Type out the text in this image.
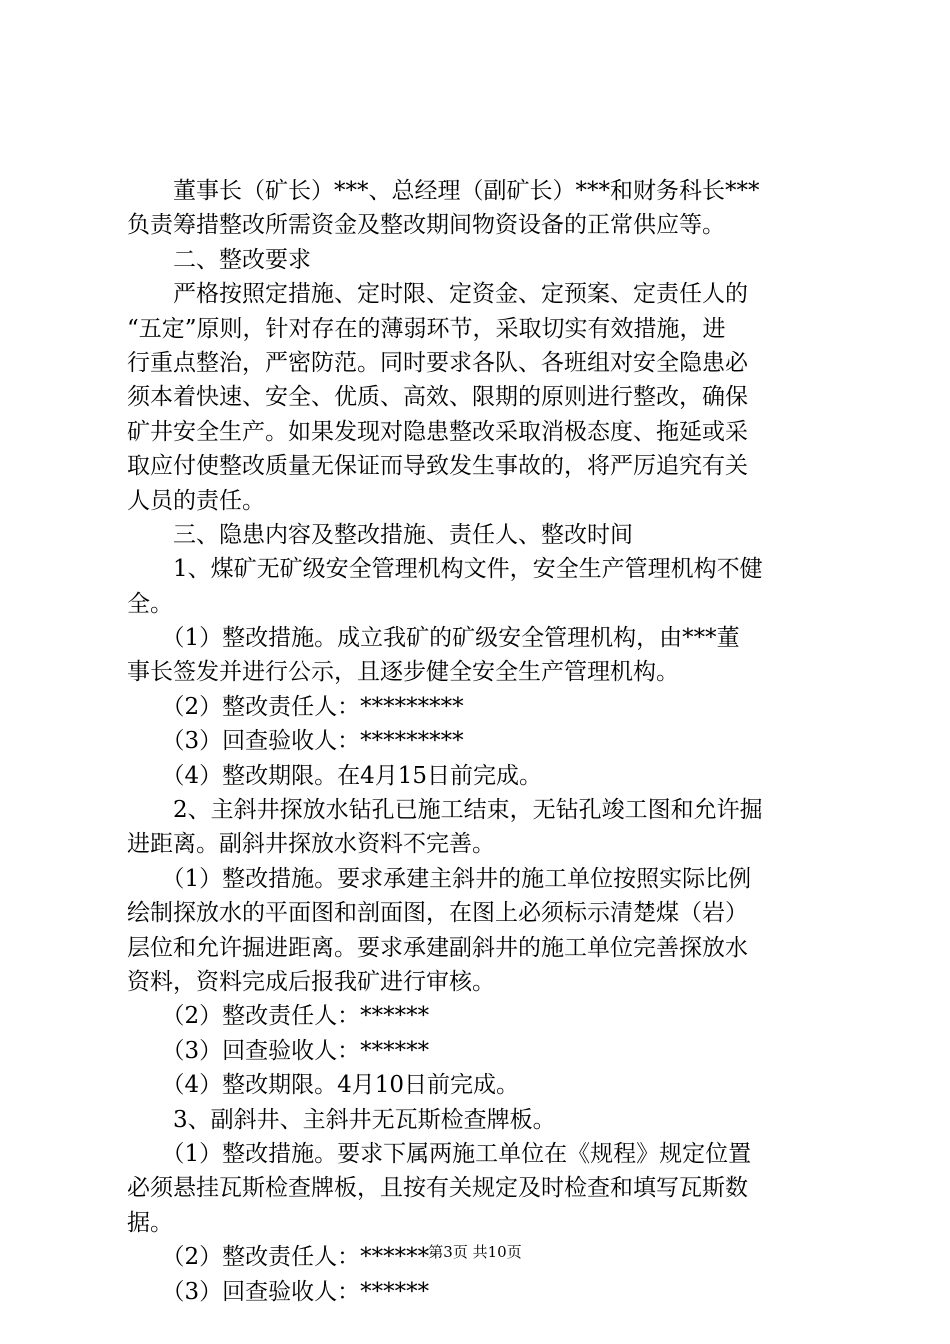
　　董事长（矿长）***、总经理（副矿长）***和财务科长***
负责筹措整改所需资金及整改期间物资设备的正常供应等。
　　二、整改要求
　　严格按照定措施、定时限、定资金、定预案、定责任人的
“五定”原则，针对存在的薄弱环节，采取切实有效措施，进
行重点整治，严密防范。同时要求各队、各班组对安全隐患必
须本着快速、安全、优质、高效、限期的原则进行整改，确保
矿井安全生产。如果发现对隐患整改采取消极态度、拖延或采
取应付使整改质量无保证而导致发生事故的，将严厉追究有关
人员的责任。
　　三、隐患内容及整改措施、责任人、整改时间
　　1、煤矿无矿级安全管理机构文件，安全生产管理机构不健
全。
　　（1）整改措施。成立我矿的矿级安全管理机构，由***董
事长签发并进行公示，且逐步健全安全生产管理机构。
　　（2）整改责任人：*********
　　（3）回查验收人：*********
　　（4）整改期限。在4月15日前完成。
　　2、主斜井探放水钻孔已施工结束，无钻孔竣工图和允许掘
进距离。副斜井探放水资料不完善。
　　（1）整改措施。要求承建主斜井的施工单位按照实际比例
绘制探放水的平面图和剖面图，在图上必须标示清楚煤（岩）
层位和允许掘进距离。要求承建副斜井的施工单位完善探放水
资料，资料完成后报我矿进行审核。
　　（2）整改责任人：******
　　（3）回查验收人：******
　　（4）整改期限。4月10日前完成。
　　3、副斜井、主斜井无瓦斯检查牌板。
　　（1）整改措施。要求下属两施工单位在《规程》规定位置
必须悬挂瓦斯检查牌板，且按有关规定及时检查和填写瓦斯数
据。
　　（2）整改责任人：******
　　（3）回查验收人：******
第3页 共10页
